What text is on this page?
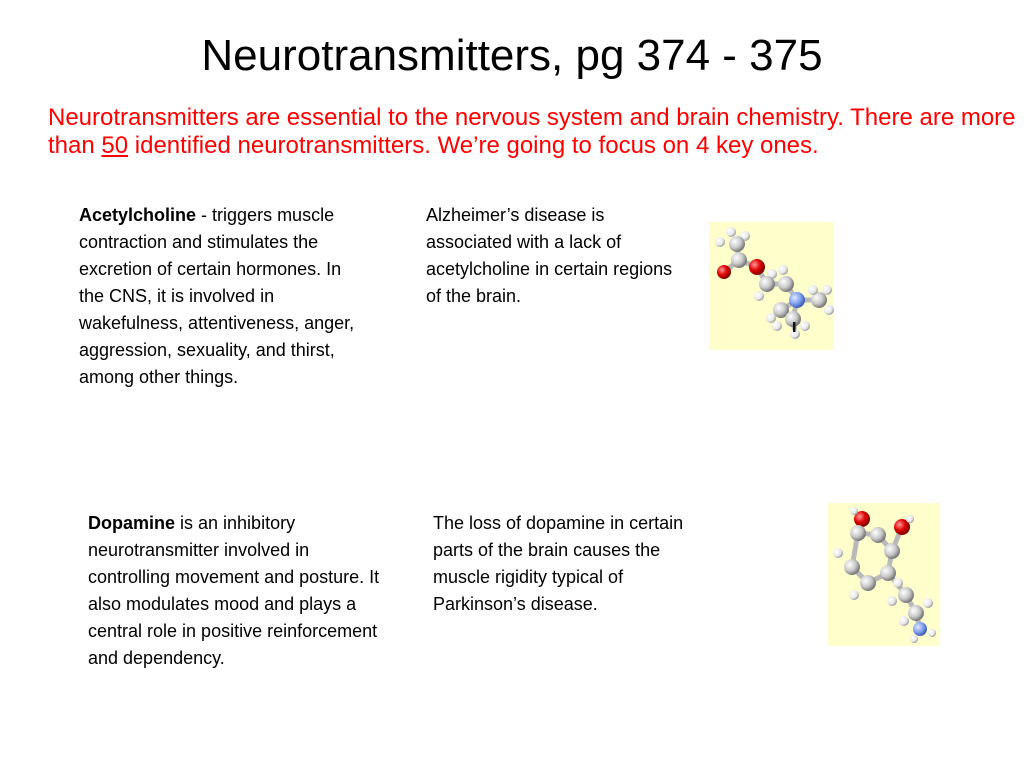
Neurotransmitters, pg 374 - 375

Neurotransmitters are essential to the nervous system and brain chemistry. There are more than 50 identified neurotransmitters. We’re going to focus on 4 key ones.

Acetylcholine - triggers muscle contraction and stimulates the excretion of certain hormones. In the CNS, it is involved in wakefulness, attentiveness, anger, aggression, sexuality, and thirst, among other things.

Alzheimer’s disease is associated with a lack of acetylcholine in certain regions of the brain.

Dopamine is an inhibitory neurotransmitter involved in controlling movement and posture. It also modulates mood and plays a central role in positive reinforcement and dependency.

The loss of dopamine in certain parts of the brain causes the muscle rigidity typical of Parkinson’s disease.
